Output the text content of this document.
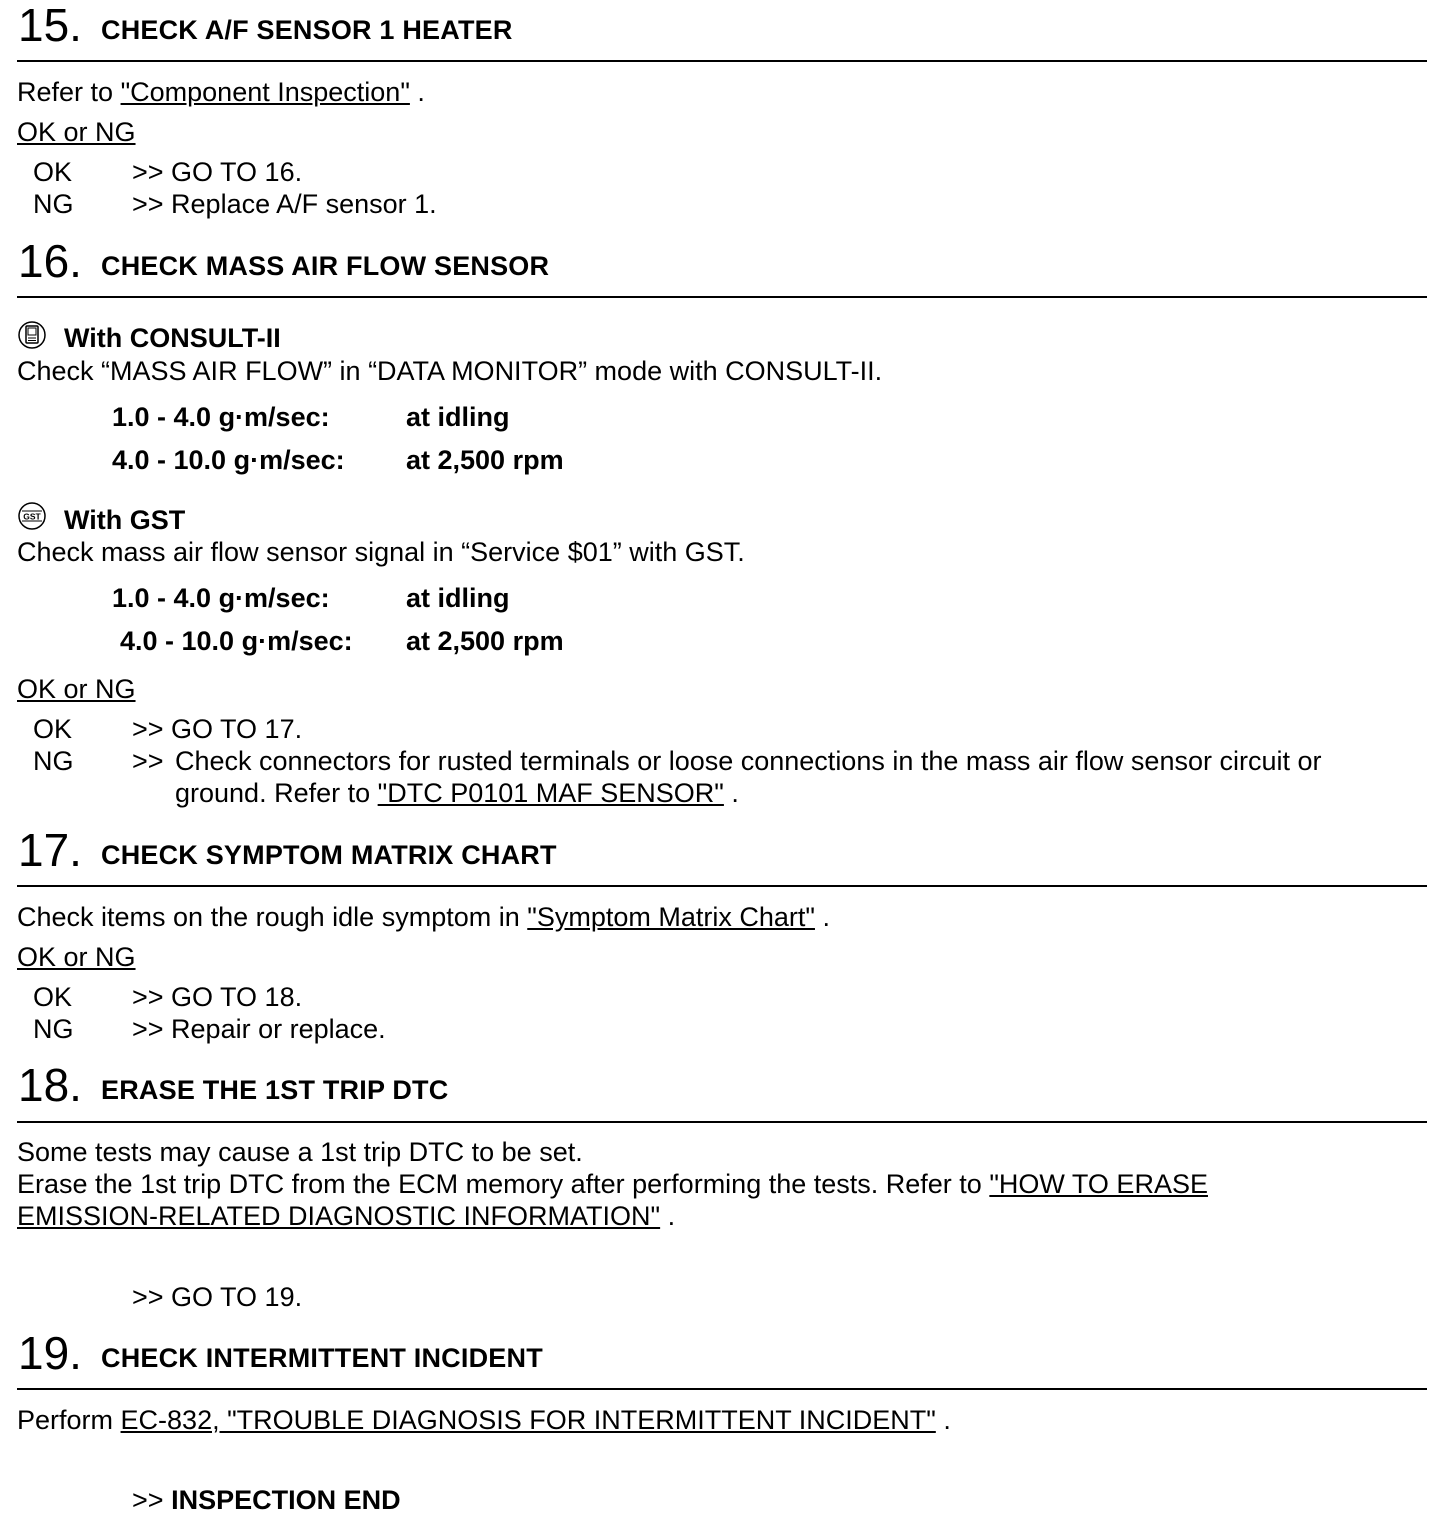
15. CHECK A/F SENSOR 1 HEATER
Refer to "Component Inspection" .
OK or NG
OK >> GO TO 16.
NG >> Replace A/F sensor 1.
16. CHECK MASS AIR FLOW SENSOR
With CONSULT-II
Check “MASS AIR FLOW” in “DATA MONITOR” mode with CONSULT-II.
1.0 - 4.0 g·m/sec:	at idling
4.0 - 10.0 g·m/sec: at 2,500 rpm
GST With GST
Check mass air flow sensor signal in “Service $01” with GST.
1.0 - 4.0 g·m/sec:	at idling
4.0 - 10.0 g·m/sec: at 2,500 rpm
OK or NG
OK >> GO TO 17.
NG >> Check connectors for rusted terminals or loose connections in the mass air flow sensor circuit or
ground. Refer to "DTC P0101 MAF SENSOR" .
17. CHECK SYMPTOM MATRIX CHART
Check items on the rough idle symptom in "Symptom Matrix Chart" .
OK or NG
OK >> GO TO 18.
NG >> Repair or replace.
18. ERASE THE 1ST TRIP DTC
Some tests may cause a 1st trip DTC to be set.
Erase the 1st trip DTC from the ECM memory after performing the tests. Refer to "HOW TO ERASE
EMISSION-RELATED DIAGNOSTIC INFORMATION" .
>> GO TO 19.
19. CHECK INTERMITTENT INCIDENT
Perform EC-832, "TROUBLE DIAGNOSIS FOR INTERMITTENT INCIDENT" .
>> INSPECTION END
